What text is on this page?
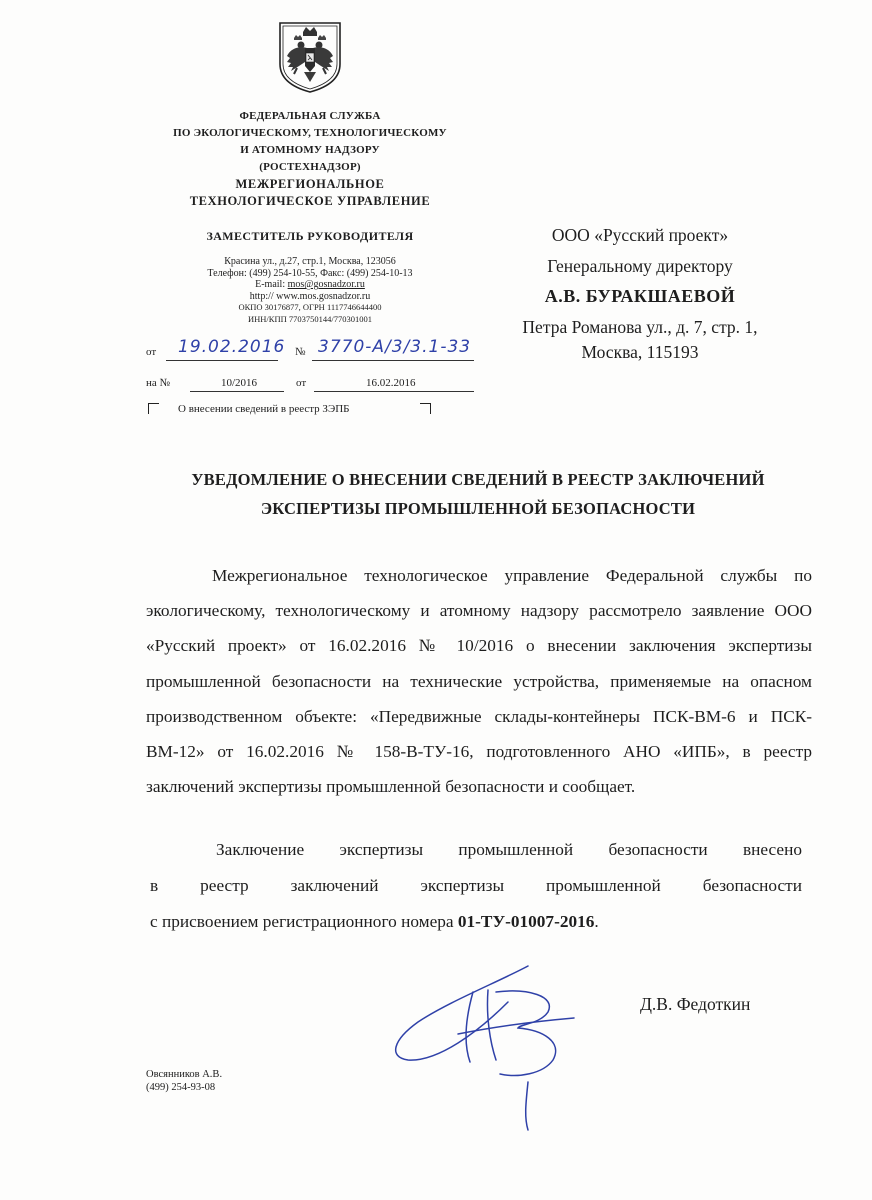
ФЕДЕРАЛЬНАЯ СЛУЖБА
ПО ЭКОЛОГИЧЕСКОМУ, ТЕХНОЛОГИЧЕСКОМУ
И АТОМНОМУ НАДЗОРУ
(РОСТЕХНАДЗОР)
МЕЖРЕГИОНАЛЬНОЕ
ТЕХНОЛОГИЧЕСКОЕ УПРАВЛЕНИЕ
ЗАМЕСТИТЕЛЬ РУКОВОДИТЕЛЯ
Красина ул., д.27, стр.1, Москва, 123056
Телефон: (499) 254-10-55, Факс: (499) 254-10-13
E-mail: mos@gosnadzor.ru
http:// www.mos.gosnadzor.ru
ОКПО 30176877, ОГРН 1117746644400
ИНН/КПП 7703750144/770301001
от 19.02.2016 № 3770-A/3/3.1-33
на №	10/2016	от	16.02.2016
О внесении сведений в реестр ЗЭПБ
ООО «Русский проект»
Генеральному директору
А.В. БУРАКШАЕВОЙ
Петра Романова ул., д. 7, стр. 1,
Москва, 115193
УВЕДОМЛЕНИЕ О ВНЕСЕНИИ СВЕДЕНИЙ В РЕЕСТР ЗАКЛЮЧЕНИЙ
ЭКСПЕРТИЗЫ ПРОМЫШЛЕННОЙ БЕЗОПАСНОСТИ
Межрегиональное технологическое управление Федеральной службы по экологическому, технологическому и атомному надзору рассмотрело заявление ООО «Русский проект» от 16.02.2016 № 10/2016 о внесении заключения экспертизы промышленной безопасности на технические устройства, применяемые на опасном производственном объекте: «Передвижные склады-контейнеры ПСК-ВМ-6 и ПСК-ВМ-12» от 16.02.2016 № 158-В-ТУ-16, подготовленного АНО «ИПБ», в реестр заключений экспертизы промышленной безопасности и сообщает.
Заключение экспертизы промышленной безопасности внесено
в реестр заключений экспертизы промышленной безопасности
с присвоением регистрационного номера 01-ТУ-01007-2016 .
Д.В. Федоткин
Овсянников А.В.
(499) 254-93-08
